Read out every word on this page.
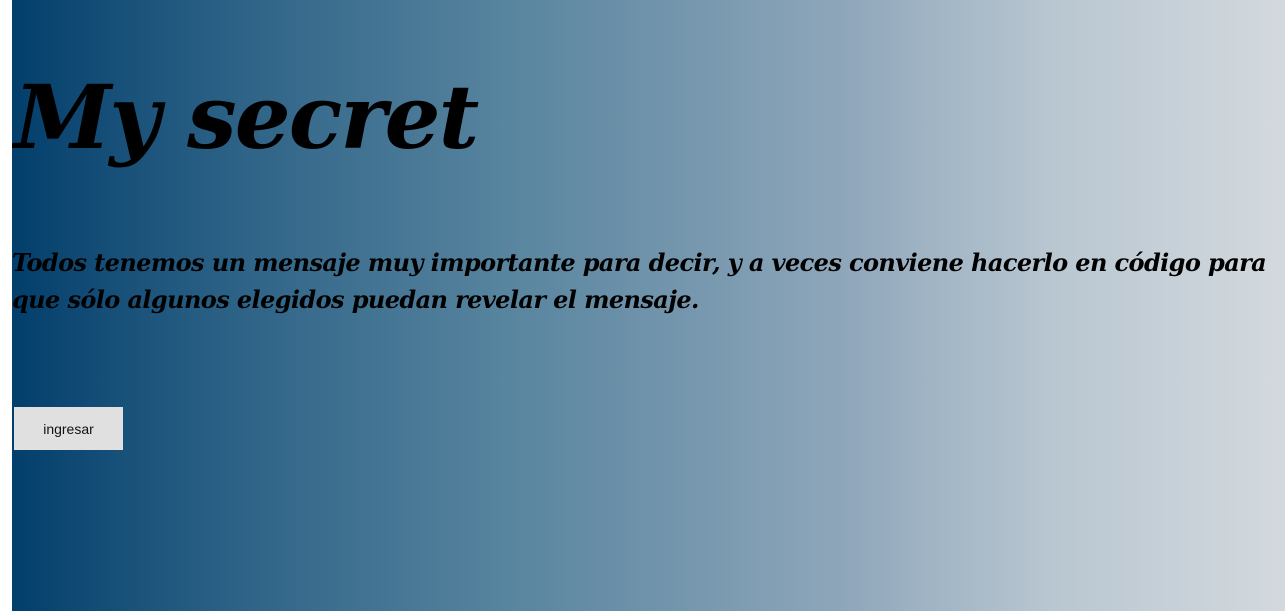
My secret

Todos tenemos un mensaje muy importante para decir, y a veces conviene hacerlo en código para que sólo algunos elegidos puedan revelar el mensaje.

ingresar
